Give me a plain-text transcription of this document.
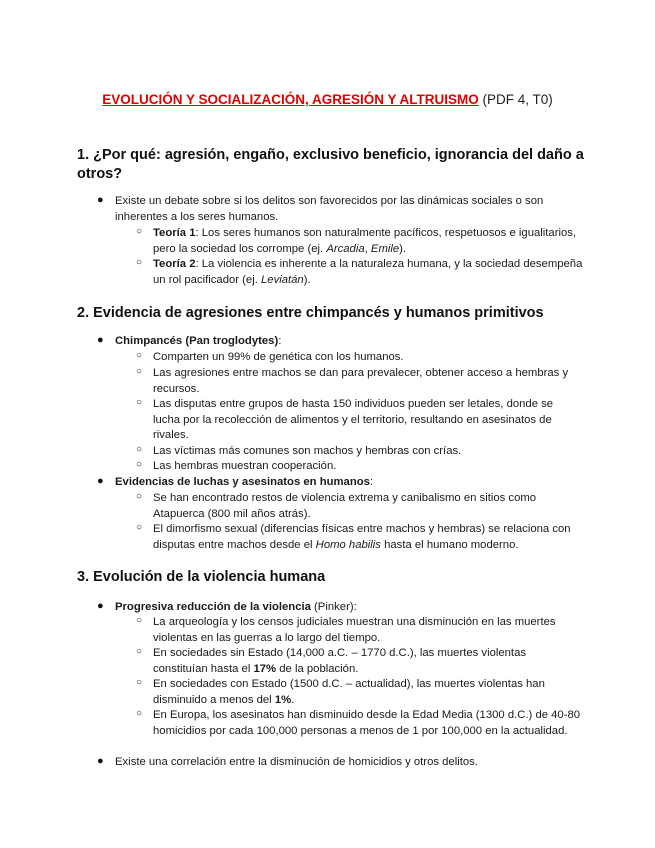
EVOLUCIÓN Y SOCIALIZACIÓN, AGRESIÓN Y ALTRUISMO (PDF 4, T0)
1. ¿Por qué: agresión, engaño, exclusivo beneficio, ignorancia del daño a otros?
● Existe un debate sobre si los delitos son favorecidos por las dinámicas sociales o son inherentes a los seres humanos.
○ Teoría 1: Los seres humanos son naturalmente pacíficos, respetuosos e igualitarios, pero la sociedad los corrompe (ej. Arcadia, Emile).
○ Teoría 2: La violencia es inherente a la naturaleza humana, y la sociedad desempeña un rol pacificador (ej. Leviatán).
2. Evidencia de agresiones entre chimpancés y humanos primitivos
● Chimpancés (Pan troglodytes):
○ Comparten un 99% de genética con los humanos.
○ Las agresiones entre machos se dan para prevalecer, obtener acceso a hembras y recursos.
○ Las disputas entre grupos de hasta 150 individuos pueden ser letales, donde se lucha por la recolección de alimentos y el territorio, resultando en asesinatos de rivales.
○ Las víctimas más comunes son machos y hembras con crías.
○ Las hembras muestran cooperación.
● Evidencias de luchas y asesinatos en humanos:
○ Se han encontrado restos de violencia extrema y canibalismo en sitios como Atapuerca (800 mil años atrás).
○ El dimorfismo sexual (diferencias físicas entre machos y hembras) se relaciona con disputas entre machos desde el Homo habilis hasta el humano moderno.
3. Evolución de la violencia humana
● Progresiva reducción de la violencia (Pinker):
○ La arqueología y los censos judiciales muestran una disminución en las muertes violentas en las guerras a lo largo del tiempo.
○ En sociedades sin Estado (14,000 a.C. – 1770 d.C.), las muertes violentas constituían hasta el 17% de la población.
○ En sociedades con Estado (1500 d.C. – actualidad), las muertes violentas han disminuido a menos del 1%.
○ En Europa, los asesinatos han disminuido desde la Edad Media (1300 d.C.) de 40-80 homicidios por cada 100,000 personas a menos de 1 por 100,000 en la actualidad.
● Existe una correlación entre la disminución de homicidios y otros delitos.
